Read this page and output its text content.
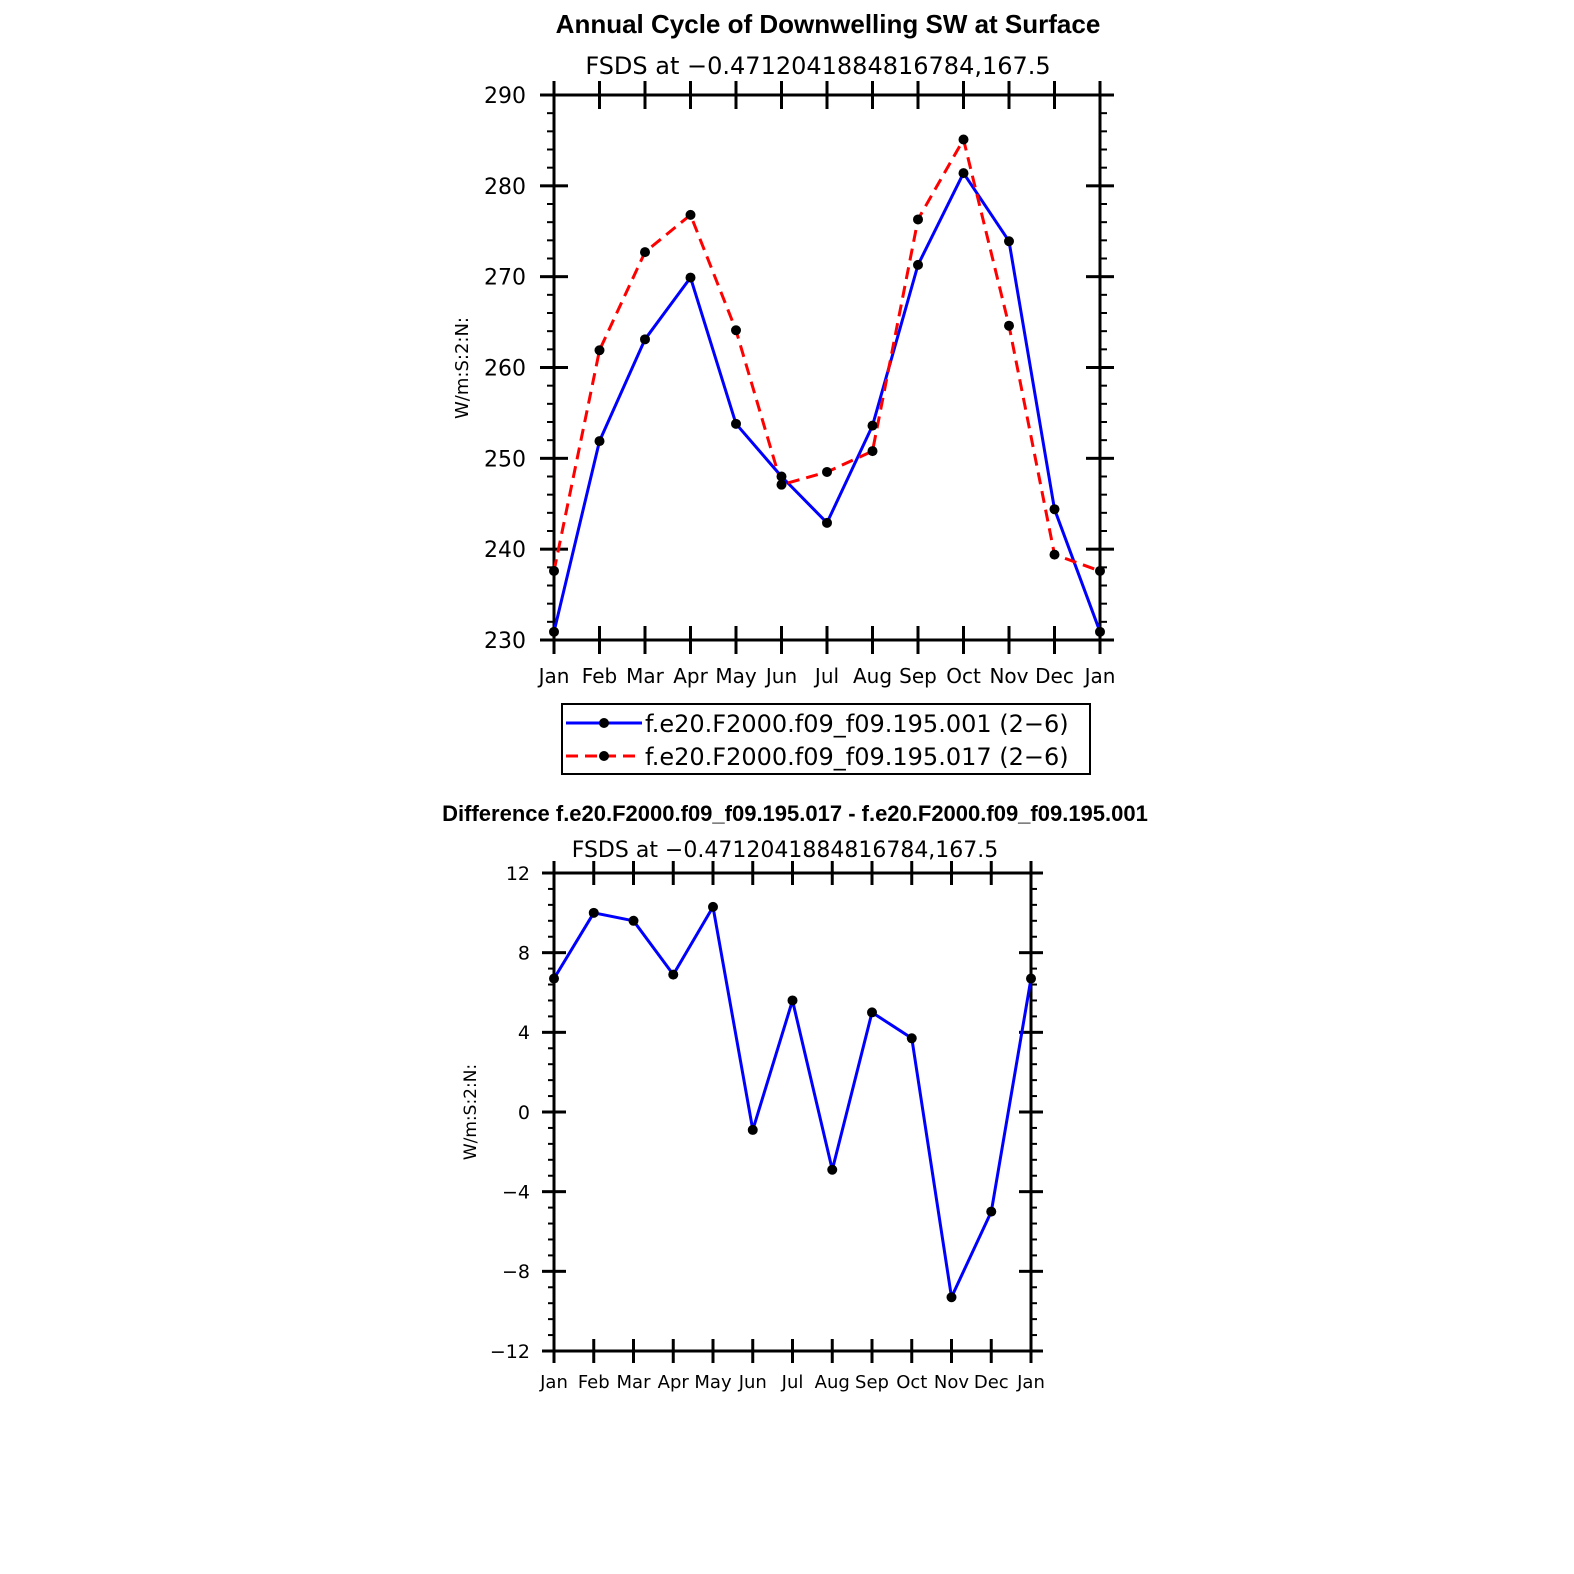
Annual Cycle of Downwelling SW at Surface
FSDS at −0.4712041884816784,167.5
W/m:S:2:N:
230
240
250
260
270
280
290
Jan Feb Mar Apr May Jun Jul Aug Sep Oct Nov Dec Jan
f.e20.F2000.f09_f09.195.001 (2−6)
f.e20.F2000.f09_f09.195.017 (2−6)
Difference f.e20.F2000.f09_f09.195.017 - f.e20.F2000.f09_f09.195.001
FSDS at −0.4712041884816784,167.5
W/m:S:2:N:
−12
−8
−4
0
4
8
12
Jan Feb Mar Apr May Jun Jul Aug Sep Oct Nov Dec Jan
